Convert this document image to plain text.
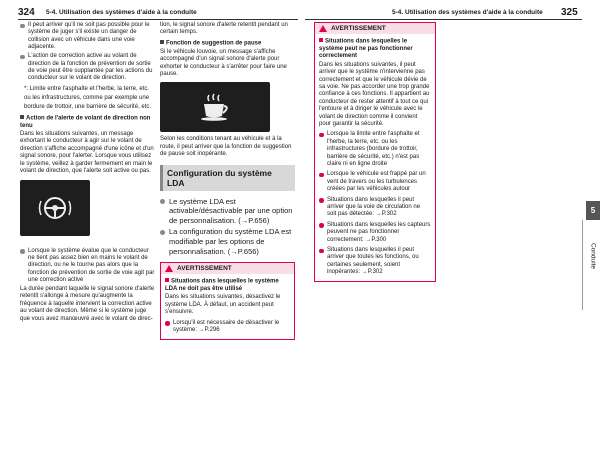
324 5-4. Utilisation des systèmes d'aide à la conduite	5-4. Utilisation des systèmes d'aide à la conduite 325
Il peut arriver qu'il ne soit pas possible pour le système de juger s'il existe un danger de collision avec un véhicule dans une voie adjacente.
L'action de correction active au volant de direction de la fonction de prévention de sortie de voie peut être supplantée par les actions du conducteur sur le volant de direction.
*: Limite entre l'asphalte et l'herbe, la terre, etc. ou les infrastructures, comme par exemple une bordure de trottoir, une barrière de sécurité, etc.
Action de l'alerte de volant de direction non tenu
Dans les situations suivantes, un message exhortant le conducteur à agir sur le volant de direction s'affiche accompagné d'une icône et d'un signal sonore, pour l'alerter. Lorsque vous utilisez le système, veillez à garder fermement en main le volant de direction, que l'alerte soit active ou pas.
Lorsque le système évalue que le conducteur ne tient pas assez bien en mains le volant de direction, ou ne le tourne pas alors que la fonction de prévention de sortie de voie agit par une correction active
La durée pendant laquelle le signal sonore d'alerte retentit s'allonge à mesure qu'augmente la fréquence à laquelle intervient la correction active au volant de direction. Même si le système juge que vous avez manœuvré avec le volant de direc-
tion, le signal sonore d'alerte retentit pendant un certain temps.
Fonction de suggestion de pause
Si le véhicule louvoie, un message s'affiche accompagné d'un signal sonore d'alerte pour exhorter le conducteur à s'arrêter pour faire une pause.
Selon les conditions tenant au véhicule et à la route, il peut arriver que la fonction de suggestion de pause soit inopérante.
Configuration du système LDA
Le système LDA est activable/désactivable par une option de personnalisation. (→P.656)
La configuration du système LDA est modifiable par les options de personnalisation. (→P.656)
AVERTISSEMENT
Situations dans lesquelles le système LDA ne doit pas être utilisé
Dans les situations suivantes, désactivez le système LDA. À défaut, un accident peut s'ensuivre.
Lorsqu'il est nécessaire de désactiver le système: →P.296
AVERTISSEMENT
Situations dans lesquelles le système peut ne pas fonctionner correctement
Dans les situations suivantes, il peut arriver que le système n'intervienne pas correctement et que le véhicule dévie de sa voie. Ne pas accorder une trop grande confiance à ces fonctions. Il appartient au conducteur de rester attentif à tout ce qui l'entoure et à diriger le véhicule avec le volant de direction comme il convient pour garantir la sécurité.
Lorsque la limite entre l'asphalte et l'herbe, la terre, etc. ou les infrastructures (bordure de trottoir, barrière de sécurité, etc.) n'est pas claire ni en ligne droite
Lorsque le véhicule est frappé par un vent de travers ou les turbulences créées par les véhicules autour
Situations dans lesquelles il peut arriver que la voie de circulation ne soit pas détectée: →P.302
Situations dans lesquelles les capteurs peuvent ne pas fonctionner correctement: →P.300
Situations dans lesquelles il peut arriver que toutes les fonctions, ou certaines seulement, soient inopérantes: →P.302
5
Conduite
